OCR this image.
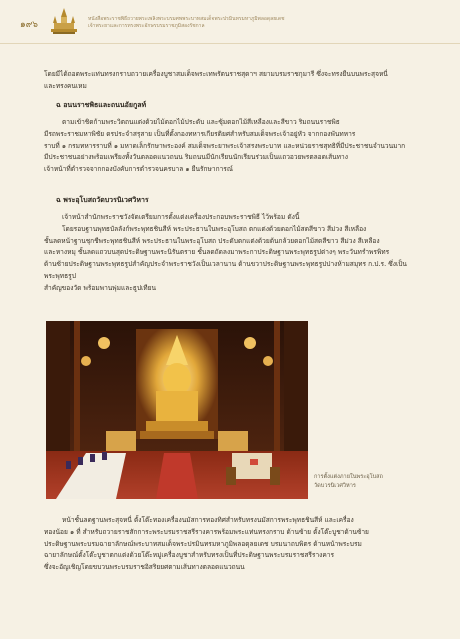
๑๙๖
หนังสือพระราชพิธีถวายพระเพลิงพระบรมศพพระบาทสมเด็จพระปรมินทรมหาภูมิพลอดุลยเดช
เจ้าพระยาและการทรงพระอักษรบรมราชภูมิสองรัชกาล
โดยมีได้ถอดพระแท่นทรงกราบถวายเครื่องบูชาสมเด็จพระเทพรัตนราชสุดาฯ สยามบรมราชกุมารี ซึ่งจะทรงยืนบนพระสุจหนี่
และทรงคนเหม
ฉ อนนราชพิธและถนนอัยกูลท์
ตามเข้าชิดก้ามพระวิตถนแต่งด้วยไม้ดอกไม้ประดับ และซุ้มดอกไม้สีเหลืองและสีขาว ริมถนนราชพิธ
มีรถพระราชมหาพิชัย ดรประจำสรุสาย เป็นที่ตั้งกองทหารเกียรติยศสำหรับสมเด็จพระเจ้าอยู่หัว จากกองพันทหาร
ราบที่ ๑ กรมทหารราบที่ ๑ มหาดเล็กรักษาพระองค์ สมเด็จพระยาพระเจ้าสรงพระบาท และหน่วยราชสุทธิที่มีประชาชนจำนวนมาก
มีประชาชนอย่างพร้อมเพรียงทั้งวันตลอดแนวถนน ริมถนนมีนักเรียนนักเรียนร่วมเป็นแถวอวยพรตลอดเส้นทาง
เจ้าหน้าที่ตำรวจจากกองบังคับการตำรวจนครบาล ๑ ยืนรักษาการณ์
ฉ พระอุโบสถวัดบวรนิเวศวิหาร
เจ้าหน้าสำนักพระราชวังจัดเตรียมการตั้งแต่งเครื่องประกอบพระราชพิธี ไว้พร้อม ดังนี้
โดยรอบฐานพุทธบัลลังก์พระพุทธชินสีห์ พระประธานในพระอุโบสถ ตกแต่งด้วยดอกไม้สดสีขาว สีม่วง สีเหลือง
ชั้นลดหน้าฐานชุกชีพระพุทธชินสีห์ พระประธานในพระอุโบสถ ประดับตกแต่งด้วยต้นกล้วยดอกไม้สดสีขาว สีม่วง สีเหลือง
และหางหมุ ชั้นลดแถวบนสุดประดิษฐานพระนิรันตราย ชั้นลดถัดลงมาพระกาประดิษฐานพระพุทธรูปต่างๆ พระวันทรำพรพิทร
ด้านซ้ายประดิษฐานพระพุทธรูปสำคัญประจำพระราชวังเป็นเวลานาน ด้านขวาประดิษฐานพระพุทธรูปปางห้ามสมุทร ก.ป.ร. ซึ่งเป็นพระพุทธรูป
สำคัญของวัด พร้อมพานพุ่มและธูปเทียน
การตั้งแต่งภายในพระอุโบสถ
วัดบวรนิเวศวิหาร
หน้าชั้นลดฐานพระสุจหนี่ ตั้งโต๊ะทองเครื่องนมัสการทองทิศสำหรับทรงนมัสการพระพุทธชินสีห์ และเครื่อง
ทองน้อย ๑ ที่ สำหรับถวายราชสักการะพระบรมราชสรีรางคารพร้อมพระแท่นทรงกราบ ด้านซ้าย ตั้งโต๊ะบูชาด้านซ้าย
ประดิษฐานพระบรมฉายาลักษณ์พระบาทสมเด็จพระปรมินทรมหาภูมิพลอดุลยเดช บรมนาถบพิตร ด้านหน้าพระบรม
ฉายาลักษณ์ตั้งโต๊ะบูชาตกแต่งด้วยโต๊ะหมู่เครื่องบูชาสำหรับทรงเป็นที่ประดิษฐานพระบรมราชสรีรางคาร
ซึ่งจะอัญเชิญโดยขบวนพระบรมราชอิสริยยศตามเส้นทางตลอดแนวถนน
